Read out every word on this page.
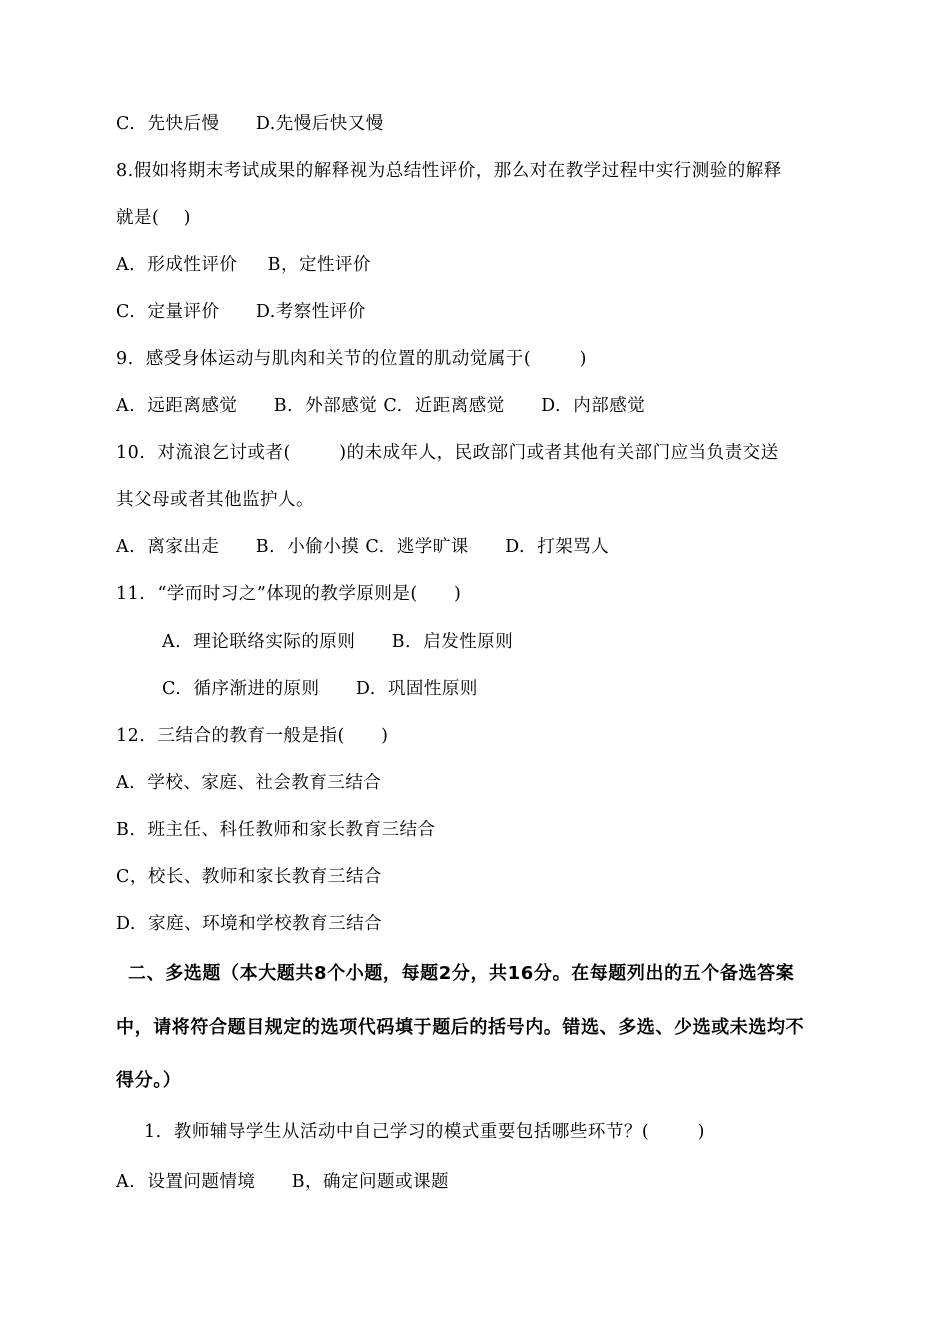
C.  先快后慢      D.先慢后快又慢
8.假如将期末考试成果的解释视为总结性评价，那么对在教学过程中实行测验的解释
就是(    )
A.  形成性评价     B，定性评价
C.  定量评价      D.考察性评价
9.  感受身体运动与肌肉和关节的位置的肌动觉属于(        )
A.  远距离感觉      B.  外部感觉 C.  近距离感觉      D.  内部感觉
10.  对流浪乞讨或者(        )的未成年人，民政部门或者其他有关部门应当负责交送
其父母或者其他监护人。
A.  离家出走      B.  小偷小摸 C.  逃学旷课      D.  打架骂人
11.  “学而时习之”体现的教学原则是(      )
A.  理论联络实际的原则      B.  启发性原则
C.  循序渐进的原则      D.  巩固性原则
12.  三结合的教育一般是指(      )
A.  学校、家庭、社会教育三结合
B.  班主任、科任教师和家长教育三结合
C，校长、教师和家长教育三结合
D.  家庭、环境和学校教育三结合
二、多选题（本大题共8个小题，每题2分，共16分。在每题列出的五个备选答案
中，请将符合题目规定的选项代码填于题后的括号内。错选、多选、少选或未选均不
得分。）
1.  教师辅导学生从活动中自己学习的模式重要包括哪些环节？(        )
A.  设置问题情境      B，确定问题或课题
